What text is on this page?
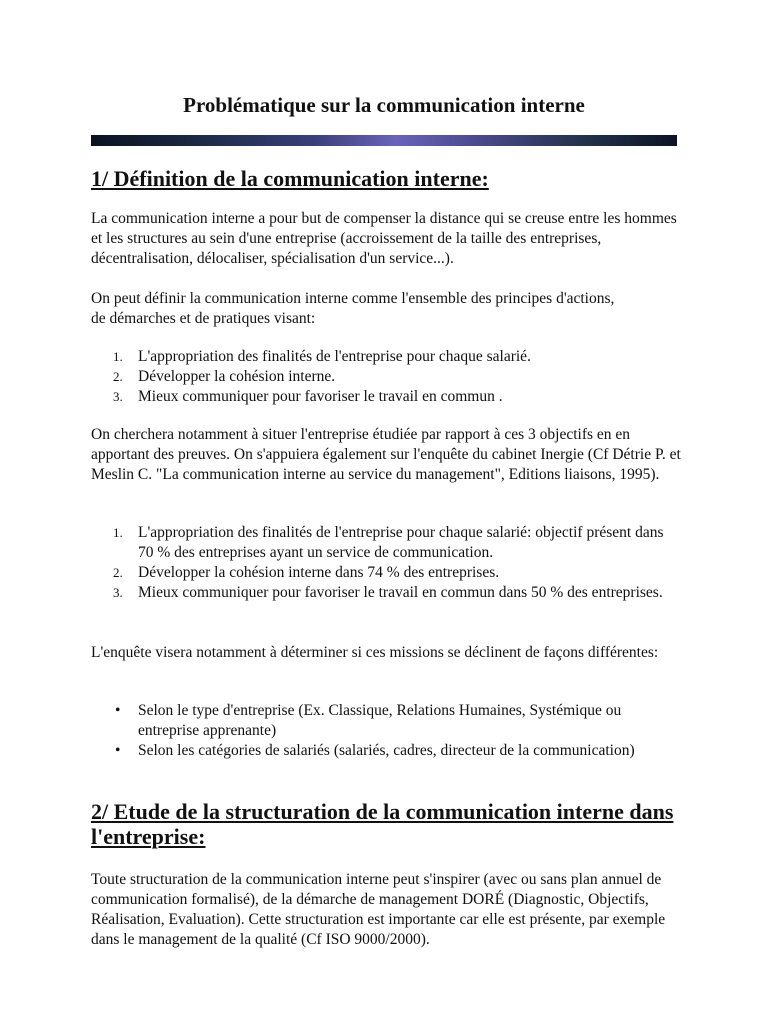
Problématique sur la communication interne
1/ Définition de la communication interne:

La communication interne a pour but de compenser la distance qui se creuse entre les hommes et les structures au sein d'une entreprise (accroissement de la taille des entreprises, décentralisation, délocaliser, spécialisation d'un service...).

On peut définir la communication interne comme l'ensemble des principes d'actions, de démarches et de pratiques visant:

1. L'appropriation des finalités de l'entreprise pour chaque salarié.
2. Développer la cohésion interne.
3. Mieux communiquer pour favoriser le travail en commun .

On cherchera notamment à situer l'entreprise étudiée par rapport à ces 3 objectifs en en apportant des preuves. On s'appuiera également sur l'enquête du cabinet Inergie (Cf Détrie P. et Meslin C. "La communication interne au service du management", Editions liaisons, 1995).

1. L'appropriation des finalités de l'entreprise pour chaque salarié: objectif présent dans 70 % des entreprises ayant un service de communication.
2. Développer la cohésion interne dans 74 % des entreprises.
3. Mieux communiquer pour favoriser le travail en commun dans 50 % des entreprises.

L'enquête visera notamment à déterminer si ces missions se déclinent de façons différentes:

• Selon le type d'entreprise (Ex. Classique, Relations Humaines, Systémique ou entreprise apprenante)
• Selon les catégories de salariés (salariés, cadres, directeur de la communication)
2/ Etude de la structuration de la communication interne dans l'entreprise:

Toute structuration de la communication interne peut s'inspirer (avec ou sans plan annuel de communication formalisé), de la démarche de management DORÉ (Diagnostic, Objectifs, Réalisation, Evaluation). Cette structuration est importante car elle est présente, par exemple dans le management de la qualité (Cf ISO 9000/2000).
